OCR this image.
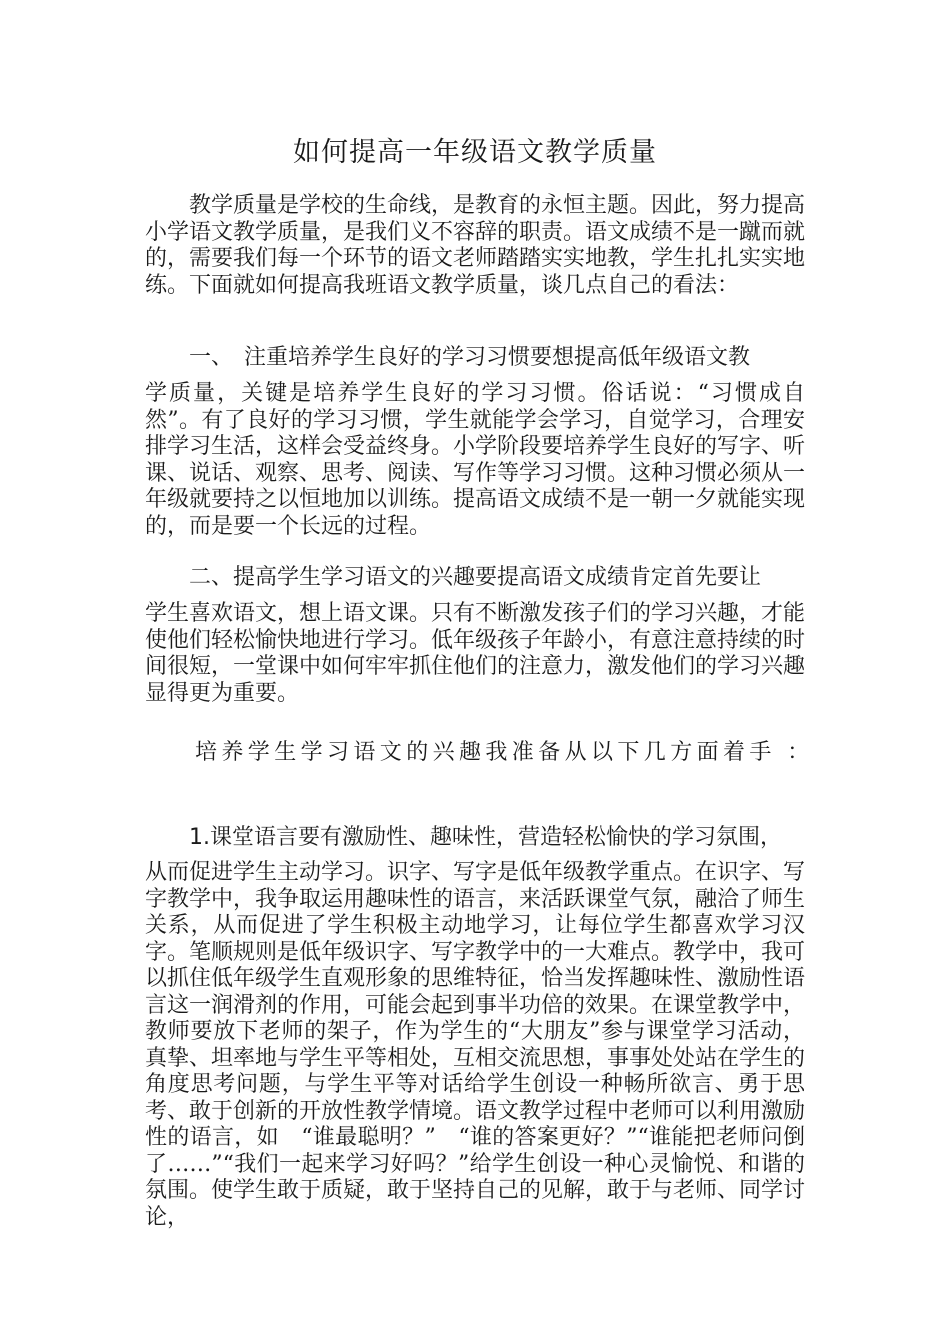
如何提高一年级语文教学质量

教学质量是学校的生命线，是教育的永恒主题。因此，努力提高小学语文教学质量，是我们义不容辞的职责。语文成绩不是一蹴而就的，需要我们每一个环节的语文老师踏踏实实地教，学生扎扎实实地练。下面就如何提高我班语文教学质量，谈几点自己的看法：

一、　注重培养学生良好的学习习惯要想提高低年级语文教

学质量，关键是培养学生良好的学习习惯。俗话说：“习惯成自然”。有了良好的学习习惯，学生就能学会学习，自觉学习，合理安排学习生活，这样会受益终身。小学阶段要培养学生良好的写字、听课、说话、观察、思考、阅读、写作等学习习惯。这种习惯必须从一年级就要持之以恒地加以训练。提高语文成绩不是一朝一夕就能实现的，而是要一个长远的过程。

二、提高学生学习语文的兴趣要提高语文成绩肯定首先要让

学生喜欢语文，想上语文课。只有不断激发孩子们的学习兴趣，才能使他们轻松愉快地进行学习。低年级孩子年龄小，有意注意持续的时间很短，一堂课中如何牢牢抓住他们的注意力，激发他们的学习兴趣显得更为重要。

培养学生学习语文的兴趣我准备从以下几方面着手 ：

1.课堂语言要有激励性、趣味性，营造轻松愉快的学习氛围，

从而促进学生主动学习。识字、写字是低年级教学重点。在识字、写字教学中，我争取运用趣味性的语言，来活跃课堂气氛，融洽了师生关系，从而促进了学生积极主动地学习，让每位学生都喜欢学习汉字。笔顺规则是低年级识字、写字教学中的一大难点。教学中，我可以抓住低年级学生直观形象的思维特征，恰当发挥趣味性、激励性语言这一润滑剂的作用，可能会起到事半功倍的效果。在课堂教学中，教师要放下老师的架子，作为学生的“大朋友”参与课堂学习活动，真挚、坦率地与学生平等相处，互相交流思想，事事处处站在学生的角度思考问题，与学生平等对话给学生创设一种畅所欲言、勇于思考、敢于创新的开放性教学情境。语文教学过程中老师可以利用激励性的语言，如　“谁最聪明？”　“谁的答案更好？”“谁能把老师问倒了……”“我们一起来学习好吗？”给学生创设一种心灵愉悦、和谐的氛围。使学生敢于质疑，敢于坚持自己的见解，敢于与老师、同学讨论，
